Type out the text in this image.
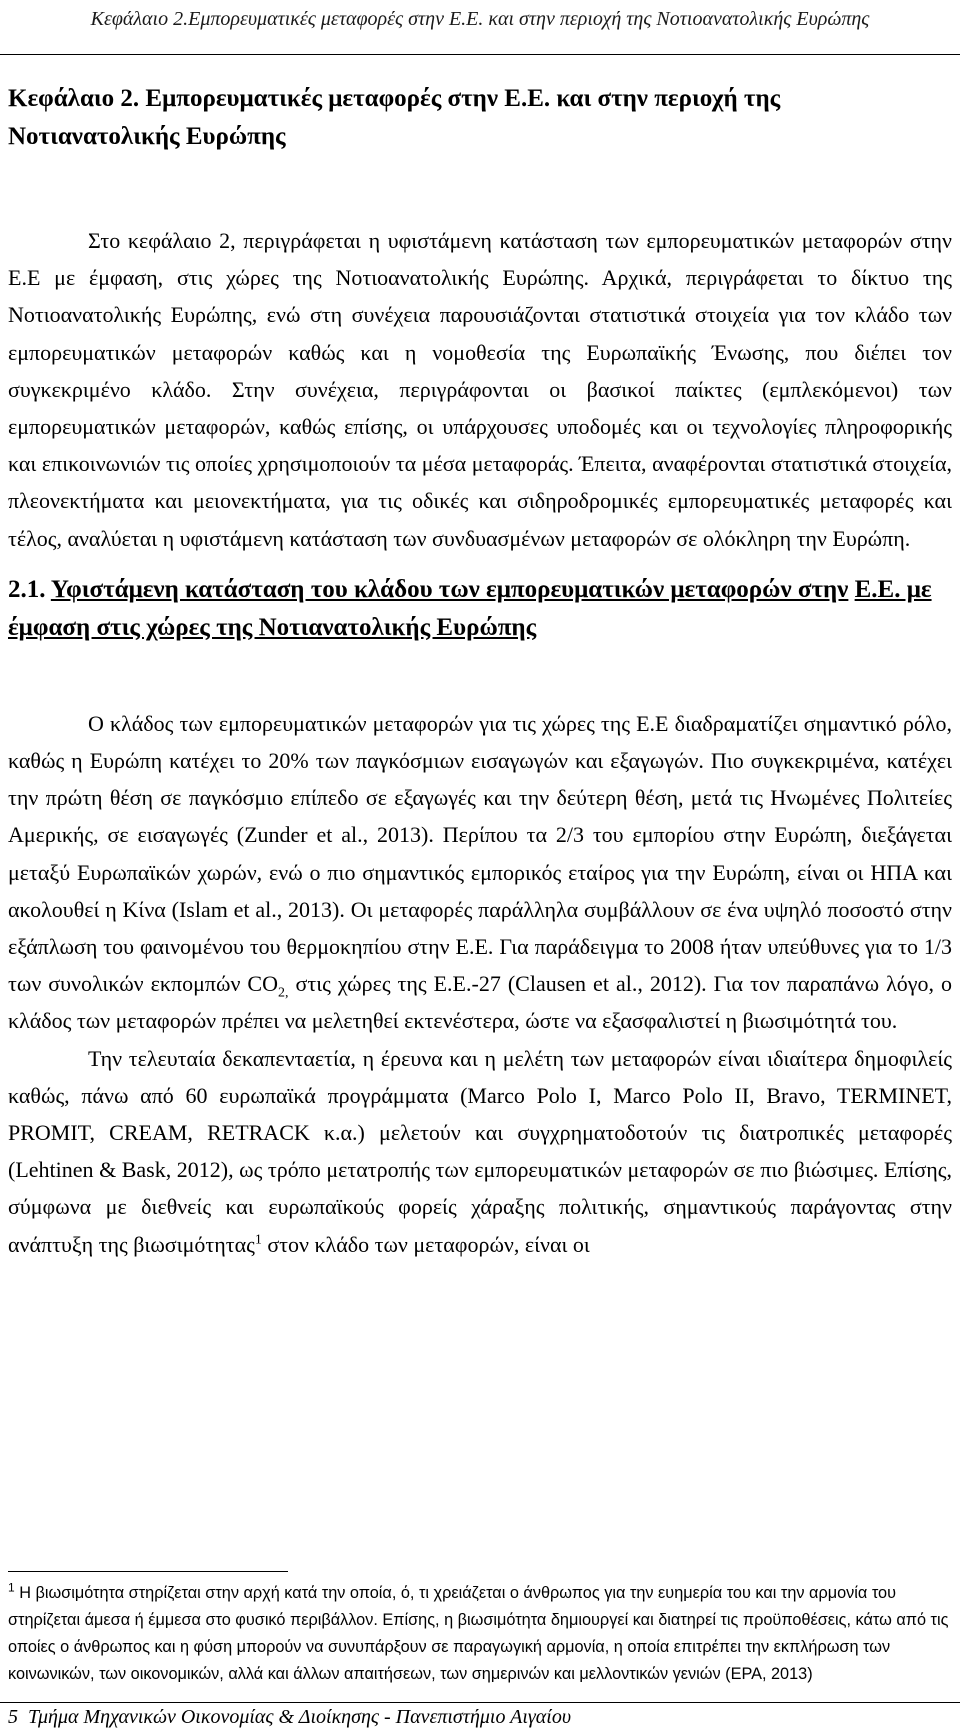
Κεφάλαιο 2.Εμπορευματικές μεταφορές στην Ε.Ε. και στην περιοχή της Νοτιοανατολικής Ευρώπης
Κεφάλαιο 2. Εμπορευματικές μεταφορές στην Ε.Ε. και στην περιοχή της Νοτιανατολικής Ευρώπης

Στο κεφάλαιο 2, περιγράφεται η υφιστάμενη κατάσταση των εμπορευματικών μεταφορών στην Ε.Ε με έμφαση, στις χώρες της Νοτιοανατολικής Ευρώπης. Αρχικά, περιγράφεται το δίκτυο της Νοτιοανατολικής Ευρώπης, ενώ στη συνέχεια παρουσιάζονται στατιστικά στοιχεία για τον κλάδο των εμπορευματικών μεταφορών καθώς και η νομοθεσία της Ευρωπαϊκής Ένωσης, που διέπει τον συγκεκριμένο κλάδο. Στην συνέχεια, περιγράφονται οι βασικοί παίκτες (εμπλεκόμενοι) των εμπορευματικών μεταφορών, καθώς επίσης, οι υπάρχουσες υποδομές και οι τεχνολογίες πληροφορικής και επικοινωνιών τις οποίες χρησιμοποιούν τα μέσα μεταφοράς. Έπειτα, αναφέρονται στατιστικά στοιχεία, πλεονεκτήματα και μειονεκτήματα, για τις οδικές και σιδηροδρομικές εμπορευματικές μεταφορές και τέλος, αναλύεται η υφιστάμενη κατάσταση των συνδυασμένων μεταφορών σε ολόκληρη την Ευρώπη.

2.1. Υφιστάμενη κατάσταση του κλάδου των εμπορευματικών μεταφορών στην Ε.Ε. με έμφαση στις χώρες της Νοτιανατολικής Ευρώπης

Ο κλάδος των εμπορευματικών μεταφορών για τις χώρες της Ε.Ε διαδραματίζει σημαντικό ρόλο, καθώς η Ευρώπη κατέχει το 20% των παγκόσμιων εισαγωγών και εξαγωγών. Πιο συγκεκριμένα, κατέχει την πρώτη θέση σε παγκόσμιο επίπεδο σε εξαγωγές και την δεύτερη θέση, μετά τις Ηνωμένες Πολιτείες Αμερικής, σε εισαγωγές (Zunder et al., 2013). Περίπου τα 2/3 του εμπορίου στην Ευρώπη, διεξάγεται μεταξύ Ευρωπαϊκών χωρών, ενώ ο πιο σημαντικός εμπορικός εταίρος για την Ευρώπη, είναι οι ΗΠΑ και ακολουθεί η Κίνα (Islam et al., 2013). Οι μεταφορές παράλληλα συμβάλλουν σε ένα υψηλό ποσοστό στην εξάπλωση του φαινομένου του θερμοκηπίου στην Ε.Ε. Για παράδειγμα το 2008 ήταν υπεύθυνες για το 1/3 των συνολικών εκπομπών $CO_{2,}$ στις χώρες της Ε.Ε.-27 (Clausen et al., 2012). Για τον παραπάνω λόγο, ο κλάδος των μεταφορών πρέπει να μελετηθεί εκτενέστερα, ώστε να εξασφαλιστεί η βιωσιμότητά του.

Την τελευταία δεκαπενταετία, η έρευνα και η μελέτη των μεταφορών είναι ιδιαίτερα δημοφιλείς καθώς, πάνω από 60 ευρωπαϊκά προγράμματα (Marco Polo I, Marco Polo II, Bravo, TERMINET, PROMIT, CREAM, RETRACK κ.α.) μελετούν και συγχρηματοδοτούν τις διατροπικές μεταφορές (Lehtinen & Bask, 2012), ως τρόπο μετατροπής των εμπορευματικών μεταφορών σε πιο βιώσιμες. Επίσης, σύμφωνα με διεθνείς και ευρωπαϊκούς φορείς χάραξης πολιτικής, σημαντικούς παράγοντας στην ανάπτυξη της βιωσιμότητας$^1$ στον κλάδο των μεταφορών, είναι οι

$^1$ Η βιωσιμότητα στηρίζεται στην αρχή κατά την οποία, ό, τι χρειάζεται ο άνθρωπος για την ευημερία του και την αρμονία του στηρίζεται άμεσα ή έμμεσα στο φυσικό περιβάλλον. Επίσης, η βιωσιμότητα δημιουργεί και διατηρεί τις προϋποθέσεις, κάτω από τις οποίες ο άνθρωπος και η φύση μπορούν να συνυπάρξουν σε παραγωγική αρμονία, η οποία επιτρέπει την εκπλήρωση των κοινωνικών, των οικονομικών, αλλά και άλλων απαιτήσεων, των σημερινών και μελλοντικών γενιών (EPA, 2013)
5 Τμήμα Μηχανικών Οικονομίας & Διοίκησης - Πανεπιστήμιο Αιγαίου
